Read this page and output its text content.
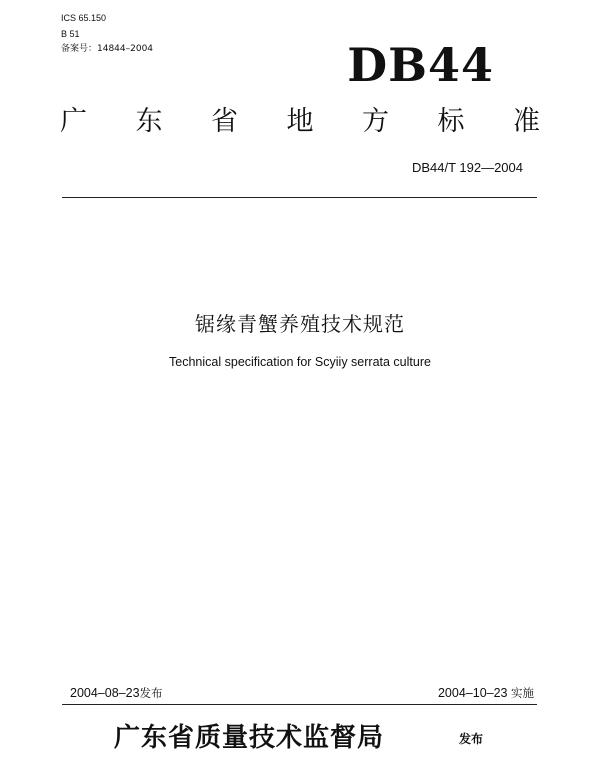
ICS 65.150
B 51
备案号：14844–2004	DB44
广 东 省 地 方 标 准
DB44/T 192—2004
锯缘青蟹养殖技术规范
Technical specification for Scyiiy serrata culture
2004–08–23发布	2004–10–23 实施
广东省质量技术监督局	发布
